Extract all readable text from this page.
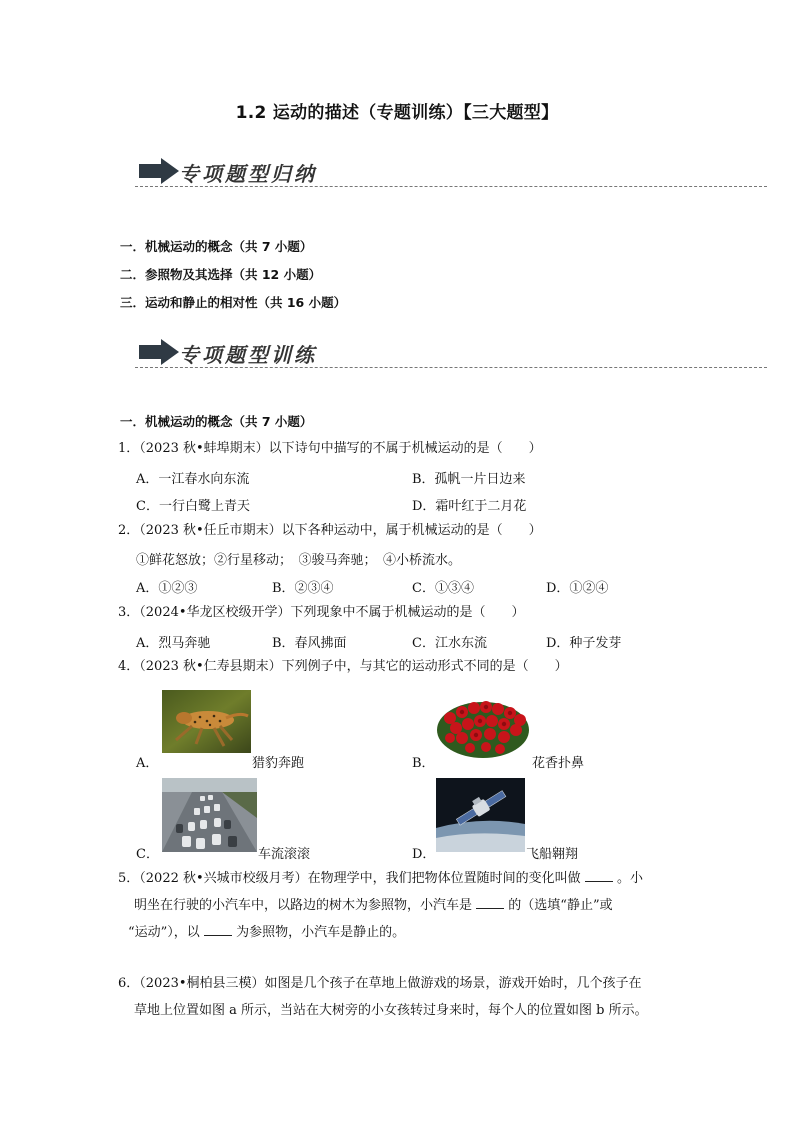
1.2 运动的描述（专题训练）【三大题型】
专项题型归纳
一．机械运动的概念（共 7 小题）
二．参照物及其选择（共 12 小题）
三．运动和静止的相对性（共 16 小题）
专项题型训练
一．机械运动的概念（共 7 小题）
1．（2023 秋•蚌埠期末）以下诗句中描写的不属于机械运动的是（　　）
A．一江春水向东流	B．孤帆一片日边来
C．一行白鹭上青天	D．霜叶红于二月花
2．（2023 秋•任丘市期末）以下各种运动中，属于机械运动的是（　　）
①鲜花怒放；②行星移动；　③骏马奔驰；　④小桥流水。
A．①②③	B．②③④	C．①③④	D．①②④
3．（2024•华龙区校级开学）下列现象中不属于机械运动的是（　　）
A．烈马奔驰	B．春风拂面	C．江水东流	D．种子发芽
4．（2023 秋•仁寿县期末）下列例子中，与其它的运动形式不同的是（　　）
A．	猎豹奔跑	B．	花香扑鼻
C．	车流滚滚	D．	飞船翱翔
5．（2022 秋•兴城市校级月考）在物理学中，我们把物体位置随时间的变化叫做	。小
明坐在行驶的小汽车中，以路边的树木为参照物，小汽车是	的（选填“静止”或
“运动”），以	为参照物，小汽车是静止的。
6．（2023•桐柏县三模）如图是几个孩子在草地上做游戏的场景，游戏开始时，几个孩子在
草地上位置如图 a 所示，当站在大树旁的小女孩转过身来时，每个人的位置如图 b 所示。
